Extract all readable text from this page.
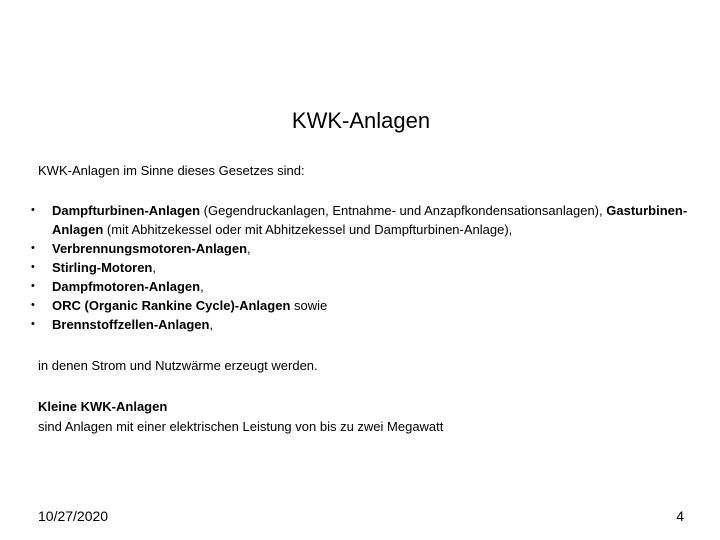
KWK-Anlagen
KWK-Anlagen im Sinne dieses Gesetzes sind:
• Dampfturbinen-Anlagen (Gegendruckanlagen, Entnahme- und Anzapfkondensationsanlagen), Gasturbinen-Anlagen (mit Abhitzekessel oder mit Abhitzekessel und Dampfturbinen-Anlage),
• Verbrennungsmotoren-Anlagen,
• Stirling-Motoren,
• Dampfmotoren-Anlagen,
• ORC (Organic Rankine Cycle)-Anlagen sowie
• Brennstoffzellen-Anlagen,
in denen Strom und Nutzwärme erzeugt werden.
Kleine KWK-Anlagen
sind Anlagen mit einer elektrischen Leistung von bis zu zwei Megawatt
10/27/2020	4
